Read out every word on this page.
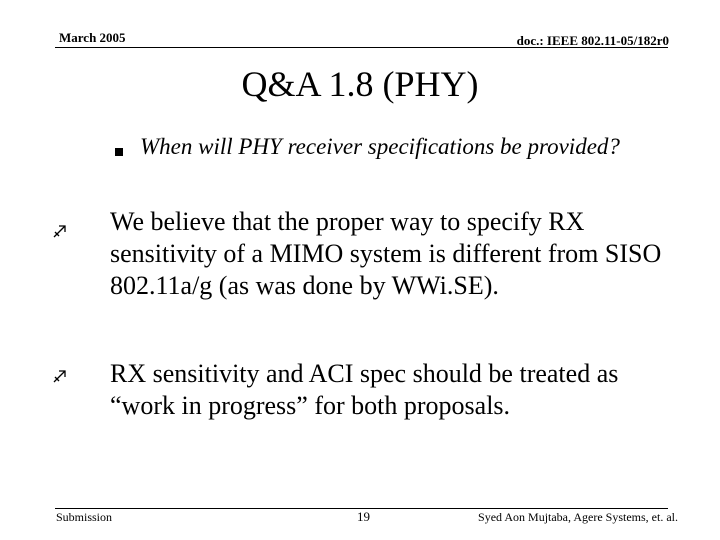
March 2005	doc.: IEEE 802.11-05/182r0
Q&A 1.8 (PHY)
When will PHY receiver specifications be provided?
We believe that the proper way to specify RX sensitivity of a MIMO system is different from SISO 802.11a/g (as was done by WWi.SE).
RX sensitivity and ACI spec should be treated as “work in progress” for both proposals.
Submission	19	Syed Aon Mujtaba, Agere Systems, et. al.
